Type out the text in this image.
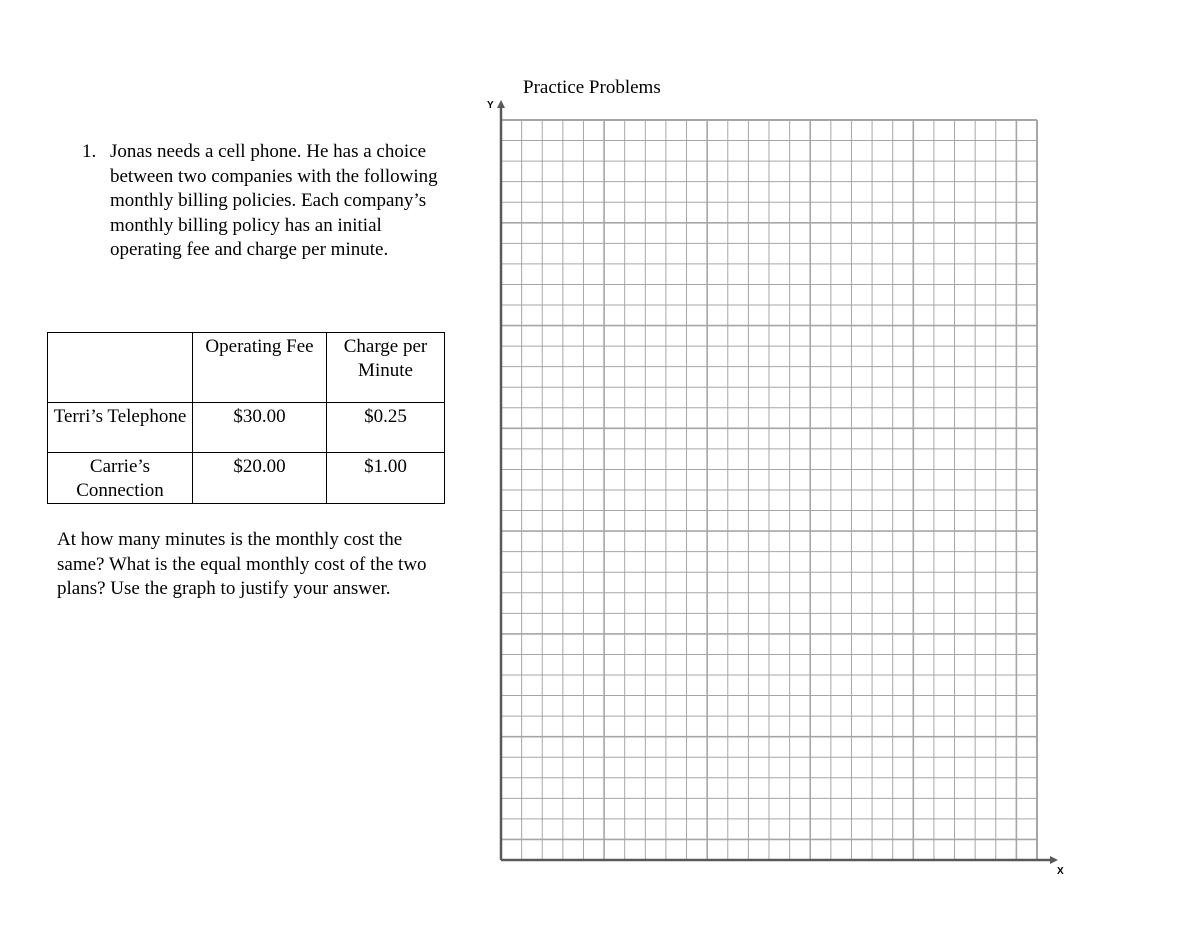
Practice Problems
1. Jonas needs a cell phone. He has a choice between two companies with the following monthly billing policies. Each company’s monthly billing policy has an initial operating fee and charge per minute.
	Operating Fee	Charge per Minute
Terri’s Telephone	$30.00	$0.25
Carrie’s Connection	$20.00	$1.00
At how many minutes is the monthly cost the same? What is the equal monthly cost of the two plans? Use the graph to justify your answer.
Y
X
